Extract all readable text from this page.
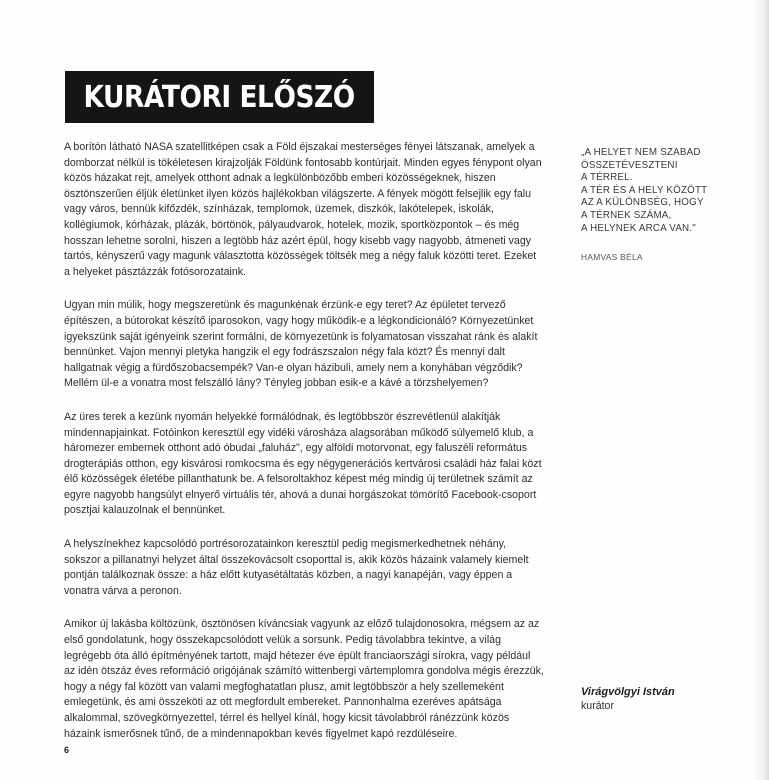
KURÁTORI ELŐSZÓ

A borítón látható NASA szatellitképen csak a Föld éjszakai mesterséges fényei látszanak, amelyek a domborzat nélkül is tökéletesen kirajzolják Földünk fontosabb kontúrjait. Minden egyes fénypont olyan közös házakat rejt, amelyek otthont adnak a legkülönbözőbb emberi közösségeknek, hiszen ösztönszerűen éljük életünket ilyen közös hajlékokban világszerte. A fények mögött felsejlik egy falu vagy város, bennük kifőzdék, színházak, templomok, üzemek, diszkók, lakótelepek, iskolák, kollégiumok, kórházak, plázák, börtönök, pályaudvarok, hotelek, mozik, sportközpontok – és még hosszan lehetne sorolni, hiszen a legtöbb ház azért épül, hogy kisebb vagy nagyobb, átmeneti vagy tartós, kényszerű vagy magunk választotta közösségek töltsék meg a négy faluk közötti teret. Ezeket a helyeket pásztázzák fotósorozataink.

Ugyan min múlik, hogy megszeretünk és magunkénak érzünk-e egy teret? Az épületet tervező építészen, a bútorokat készítő iparosokon, vagy hogy működik-e a légkondicionáló? Környezetünket igyekszünk saját igényeink szerint formálni, de környezetünk is folyamatosan visszahat ránk és alakít bennünket. Vajon mennyi pletyka hangzik el egy fodrászszalon négy fala közt? És mennyi dalt hallgatnak végig a fürdőszobacsempék? Van-e olyan házibuli, amely nem a konyhában végződik? Mellém ül-e a vonatra most felszálló lány? Tényleg jobban esik-e a kávé a törzshelyemen?

Az üres terek a kezünk nyomán helyekké formálódnak, és legtöbbször észrevétlenül alakítják mindennapjainkat. Fotóinkon keresztül egy vidéki városháza alagsorában működő súlyemelő klub, a háromezer embernek otthont adó óbudai „faluház", egy alföldi motorvonat, egy faluszéli református drogterápiás otthon, egy kisvárosi romkocsma és egy négygenerációs kertvárosi családi ház falai közt élő közösségek életébe pillanthatunk be. A felsoroltakhoz képest még mindig új területnek számít az egyre nagyobb hangsúlyt elnyerő virtuális tér, ahová a dunai horgászokat tömörítő Facebook-csoport posztjai kalauzolnak el bennünket.

A helyszínekhez kapcsolódó portrésorozatainkon keresztül pedig megismerkedhetnek néhány, sokszor a pillanatnyi helyzet által összekovácsolt csoporttal is, akik közös házaink valamely kiemelt pontján találkoznak össze: a ház előtt kutyasétáltatás közben, a nagyi kanapéján, vagy éppen a vonatra várva a peronon.

Amikor új lakásba költözünk, ösztönösen kíváncsiak vagyunk az előző tulajdonosokra, mégsem az az első gondolatunk, hogy összekapcsolódott velük a sorsunk. Pedig távolabbra tekintve, a világ legrégebb óta álló építményének tartott, majd hétezer éve épült franciaországi sírokra, vagy például az idén ötszáz éves reformáció origójának számító wittenbergi vártemplomra gondolva mégis érezzük, hogy a négy fal között van valami megfoghatatlan plusz, amit legtöbbször a hely szellemeként emlegetünk, és ami összeköti az ott megfordult embereket. Pannonhalma ezeréves apátsága alkalommal, szövegkörnyezettel, térrel és hellyel kínál, hogy kicsit távolabbról ránézzünk közös házaink ismerősnek tűnő, de a mindennapokban kevés figyelmet kapó rezdüléseire.

„A HELYET NEM SZABAD
ÖSSZETÉVESZTENI
A TÉRREL.
A TÉR ÉS A HELY KÖZÖTT
AZ A KÜLÖNBSÉG, HOGY
A TÉRNEK SZÁMA,
A HELYNEK ARCA VAN."
HAMVAS BÉLA
Virágvölgyi István
kurátor
6
